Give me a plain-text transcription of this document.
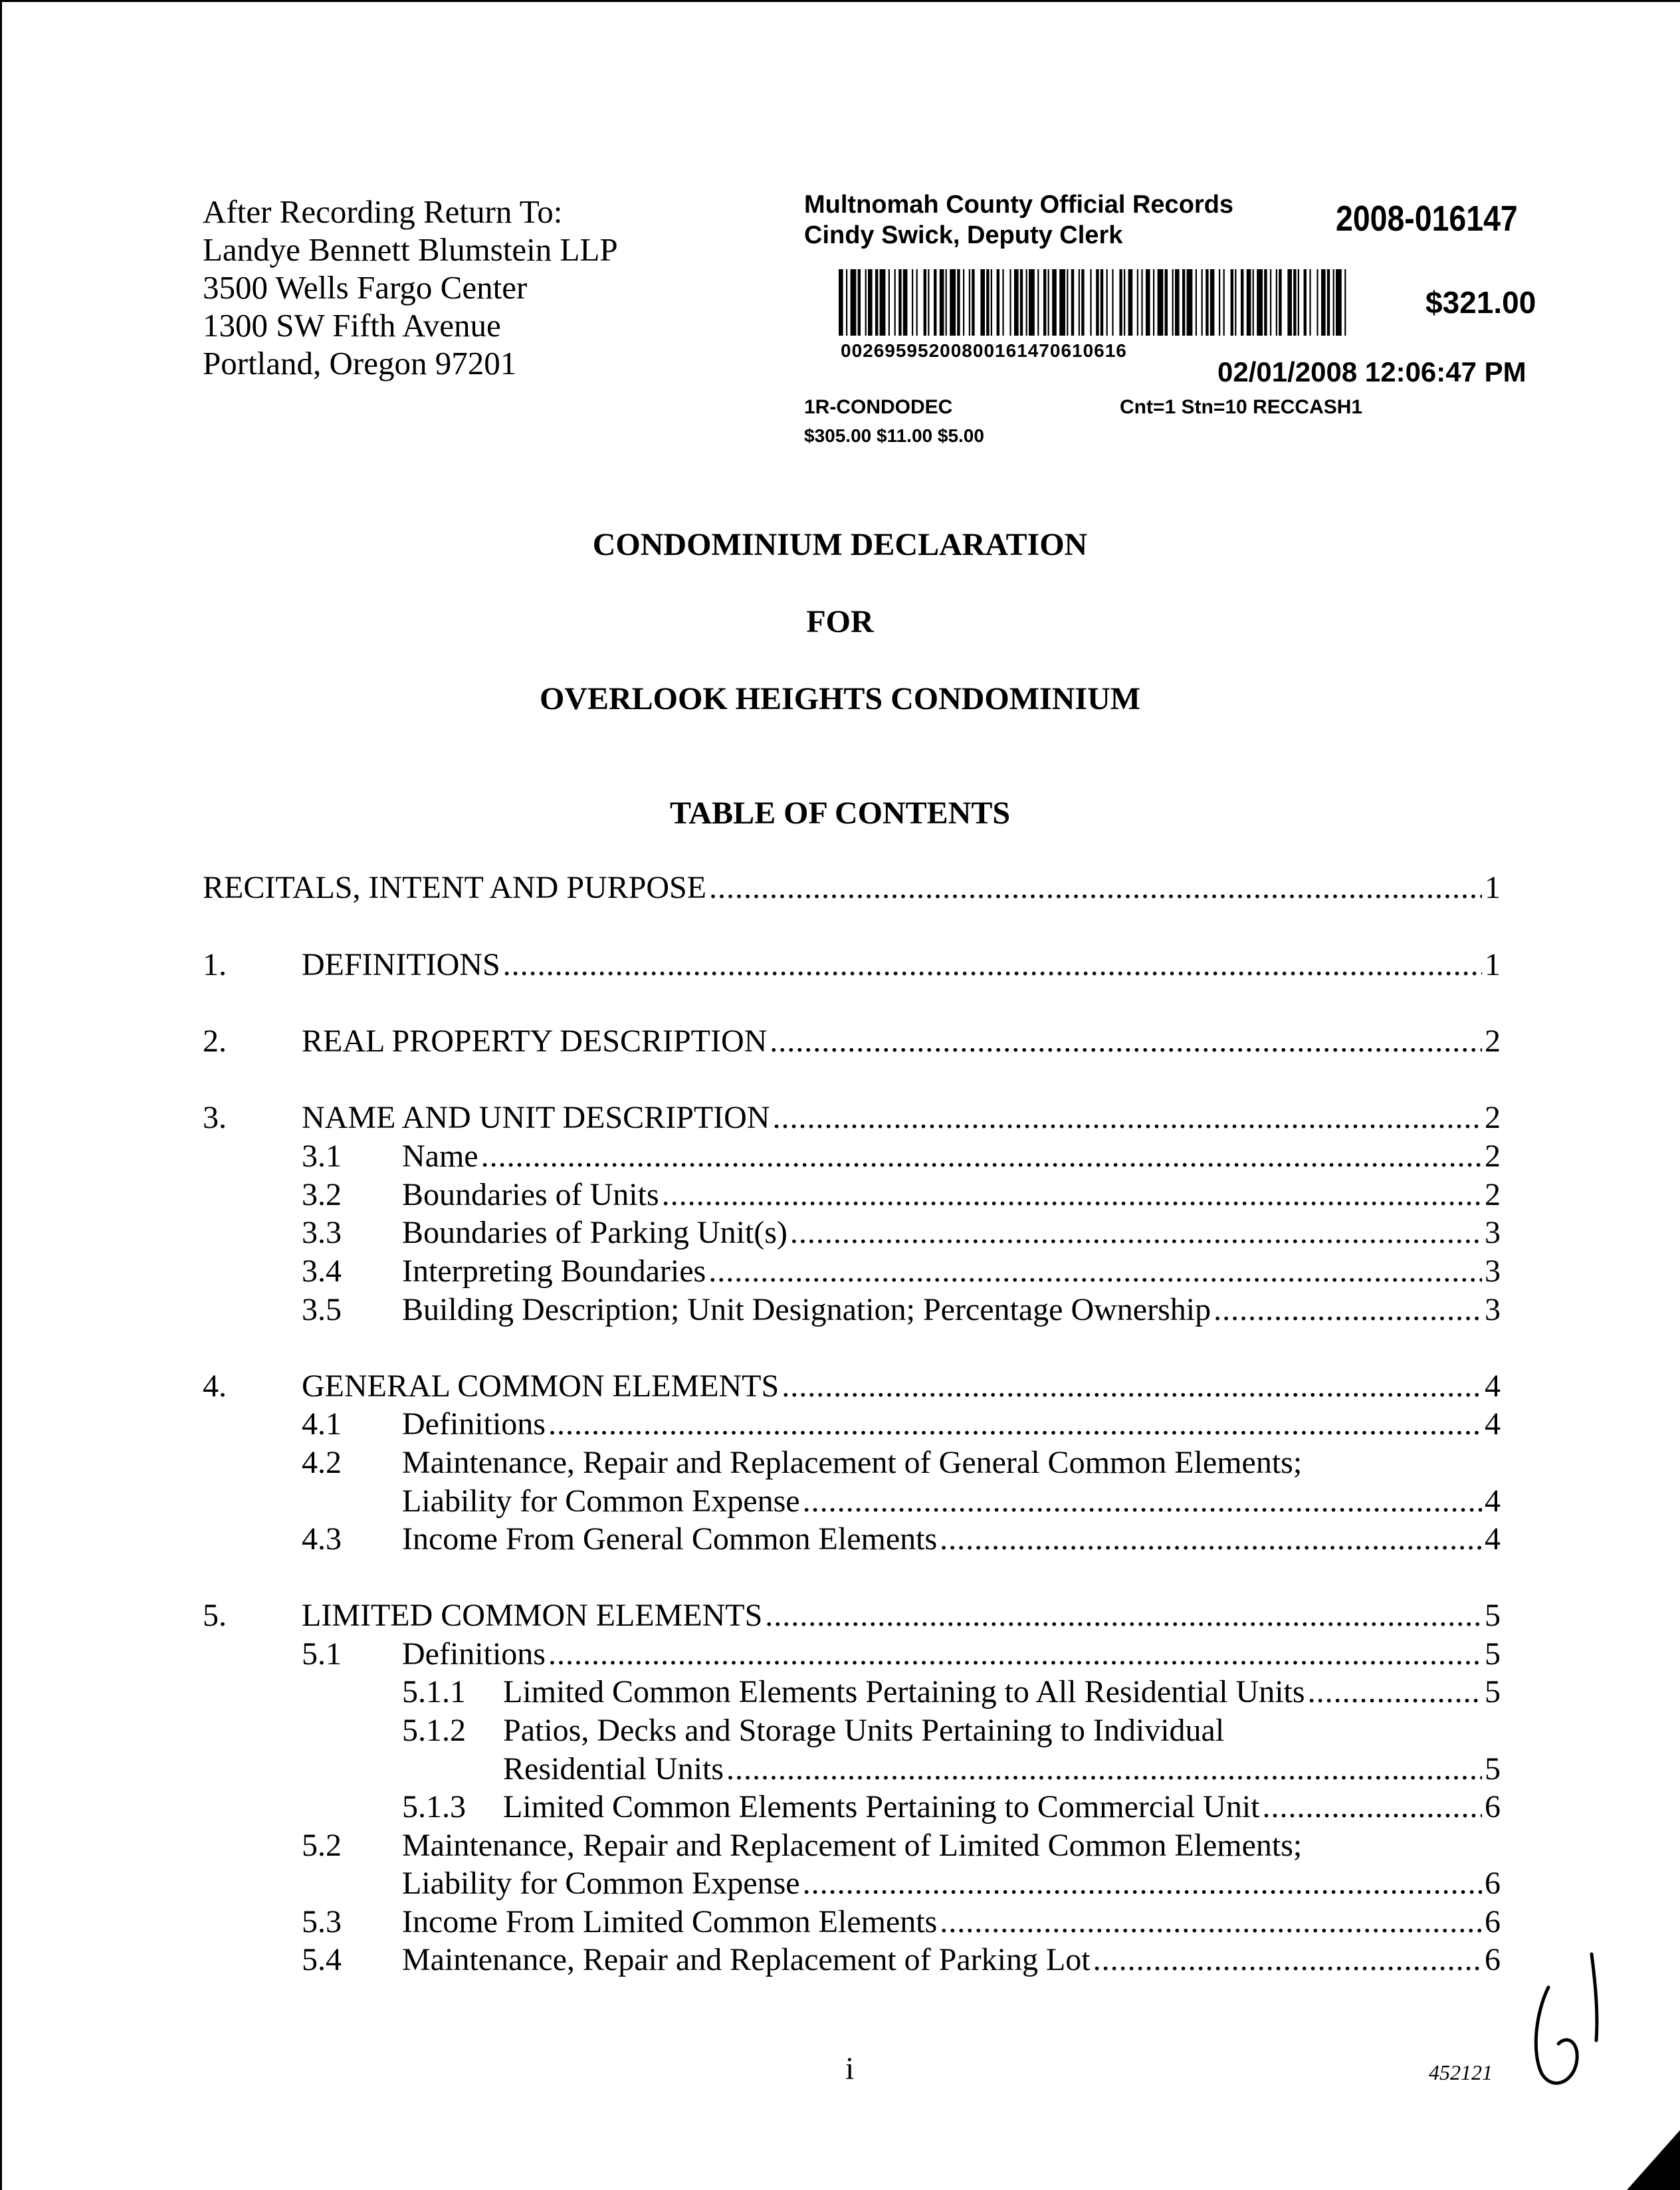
After Recording Return To:
Landye Bennett Blumstein LLP
3500 Wells Fargo Center
1300 SW Fifth Avenue
Portland, Oregon 97201
Multnomah County Official Records
Cindy Swick, Deputy Clerk	2008-016147
00269595200800161470610616
$321.00
02/01/2008 12:06:47 PM
1R-CONDODEC	Cnt=1 Stn=10 RECCASH1
$305.00 $11.00 $5.00
CONDOMINIUM DECLARATION
FOR
OVERLOOK HEIGHTS CONDOMINIUM
TABLE OF CONTENTS
RECITALS, INTENT AND PURPOSE .....	1
1. DEFINITIONS .....	1
2. REAL PROPERTY DESCRIPTION .....	2
3. NAME AND UNIT DESCRIPTION .....	2
3.1 Name .....	2
3.2 Boundaries of Units .....	2
3.3 Boundaries of Parking Unit(s) .....	3
3.4 Interpreting Boundaries .....	3
3.5 Building Description; Unit Designation; Percentage Ownership .....	3
4. GENERAL COMMON ELEMENTS .....	4
4.1 Definitions .....	4
4.2 Maintenance, Repair and Replacement of General Common Elements;
Liability for Common Expense .....	4
4.3 Income From General Common Elements .....	4
5. LIMITED COMMON ELEMENTS .....	5
5.1 Definitions .....	5
5.1.1 Limited Common Elements Pertaining to All Residential Units .....	5
5.1.2 Patios, Decks and Storage Units Pertaining to Individual
Residential Units .....	5
5.1.3 Limited Common Elements Pertaining to Commercial Unit .....	6
5.2 Maintenance, Repair and Replacement of Limited Common Elements;
Liability for Common Expense .....	6
5.3 Income From Limited Common Elements .....	6
5.4 Maintenance, Repair and Replacement of Parking Lot .....	6
i	452121
